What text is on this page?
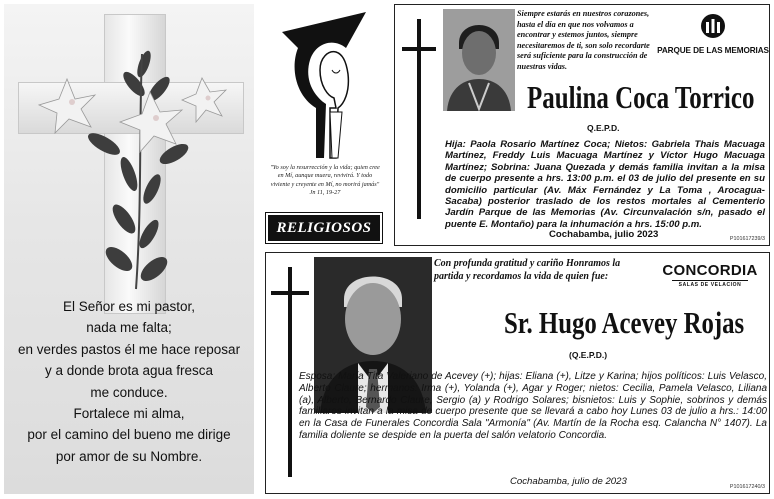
El Señor es mi pastor,
nada me falta;
en verdes pastos él me hace reposar
y a donde brota agua fresca
me conduce.
Fortalece mi alma,
por el camino del bueno me dirige
por amor de su Nombre.
"Yo soy la resurrección y la vida; quien cree en Mí, aunque muera, revivirá. Y todo viviente y creyente en Mí, no morirá jamás" Jn 11, 19-27
RELIGIOSOS
Siempre estarás en nuestros corazones, hasta el día en que nos volvamos a encontrar y estemos juntos, siempre necesitaremos de ti, son solo recordarte será suficiente para la construcción de nuestras vidas.
PARQUE DE LAS MEMORIAS
Paulina Coca Torrico
Q.E.P.D.
Hija: Paola Rosario Martínez Coca; Nietos: Gabriela Thais Macuaga Martínez, Freddy Luis Macuaga Martínez y Víctor Hugo Macuaga Martínez; Sobrina: Juana Quezada y demás familia invitan a la misa de cuerpo presente a hrs. 13:00 p.m. el 03 de julio del presente en su domicilio particular (Av. Máx Fernández y La Toma , Arocagua- Sacaba) posterior traslado de los restos mortales al Cementerio Jardín Parque de las Memorias (Av. Circunvalación s/n, pasado el puente E. Montaño) para la inhumación a hrs. 15:00 p.m.
Cochabamba, julio 2023	P101617239/3
Con profunda gratitud y cariño Honramos la partida y recordamos la vida de quien fue:	CONCORDIA
SALAS DE VELACION
Sr. Hugo Acevey Rojas
(Q.E.P.D.)
Esposa: María Tita Valeriano de Acevey (+); hijas: Eliana (+), Litze y Karina; hijos políticos: Luis Velasco, Alberto Claure; hermanos: Irma (+), Yolanda (+), Agar y Roger; nietos: Cecilia, Pamela Velasco, Liliana (a), Alberto, Bernardo Claure, Sergio (a) y Rodrigo Solares; bisnietos: Luis y Sophie, sobrinos y demás familiares invitan a la misa de cuerpo presente que se llevará a cabo hoy Lunes 03 de julio a hrs.: 14:00 en la Casa de Funerales Concordia Sala "Armonía" (Av. Martín de la Rocha esq. Calancha N° 1407). La familia doliente se despide en la puerta del salón velatorio Concordia.
Cochabamba, julio de 2023	P101617240/3
